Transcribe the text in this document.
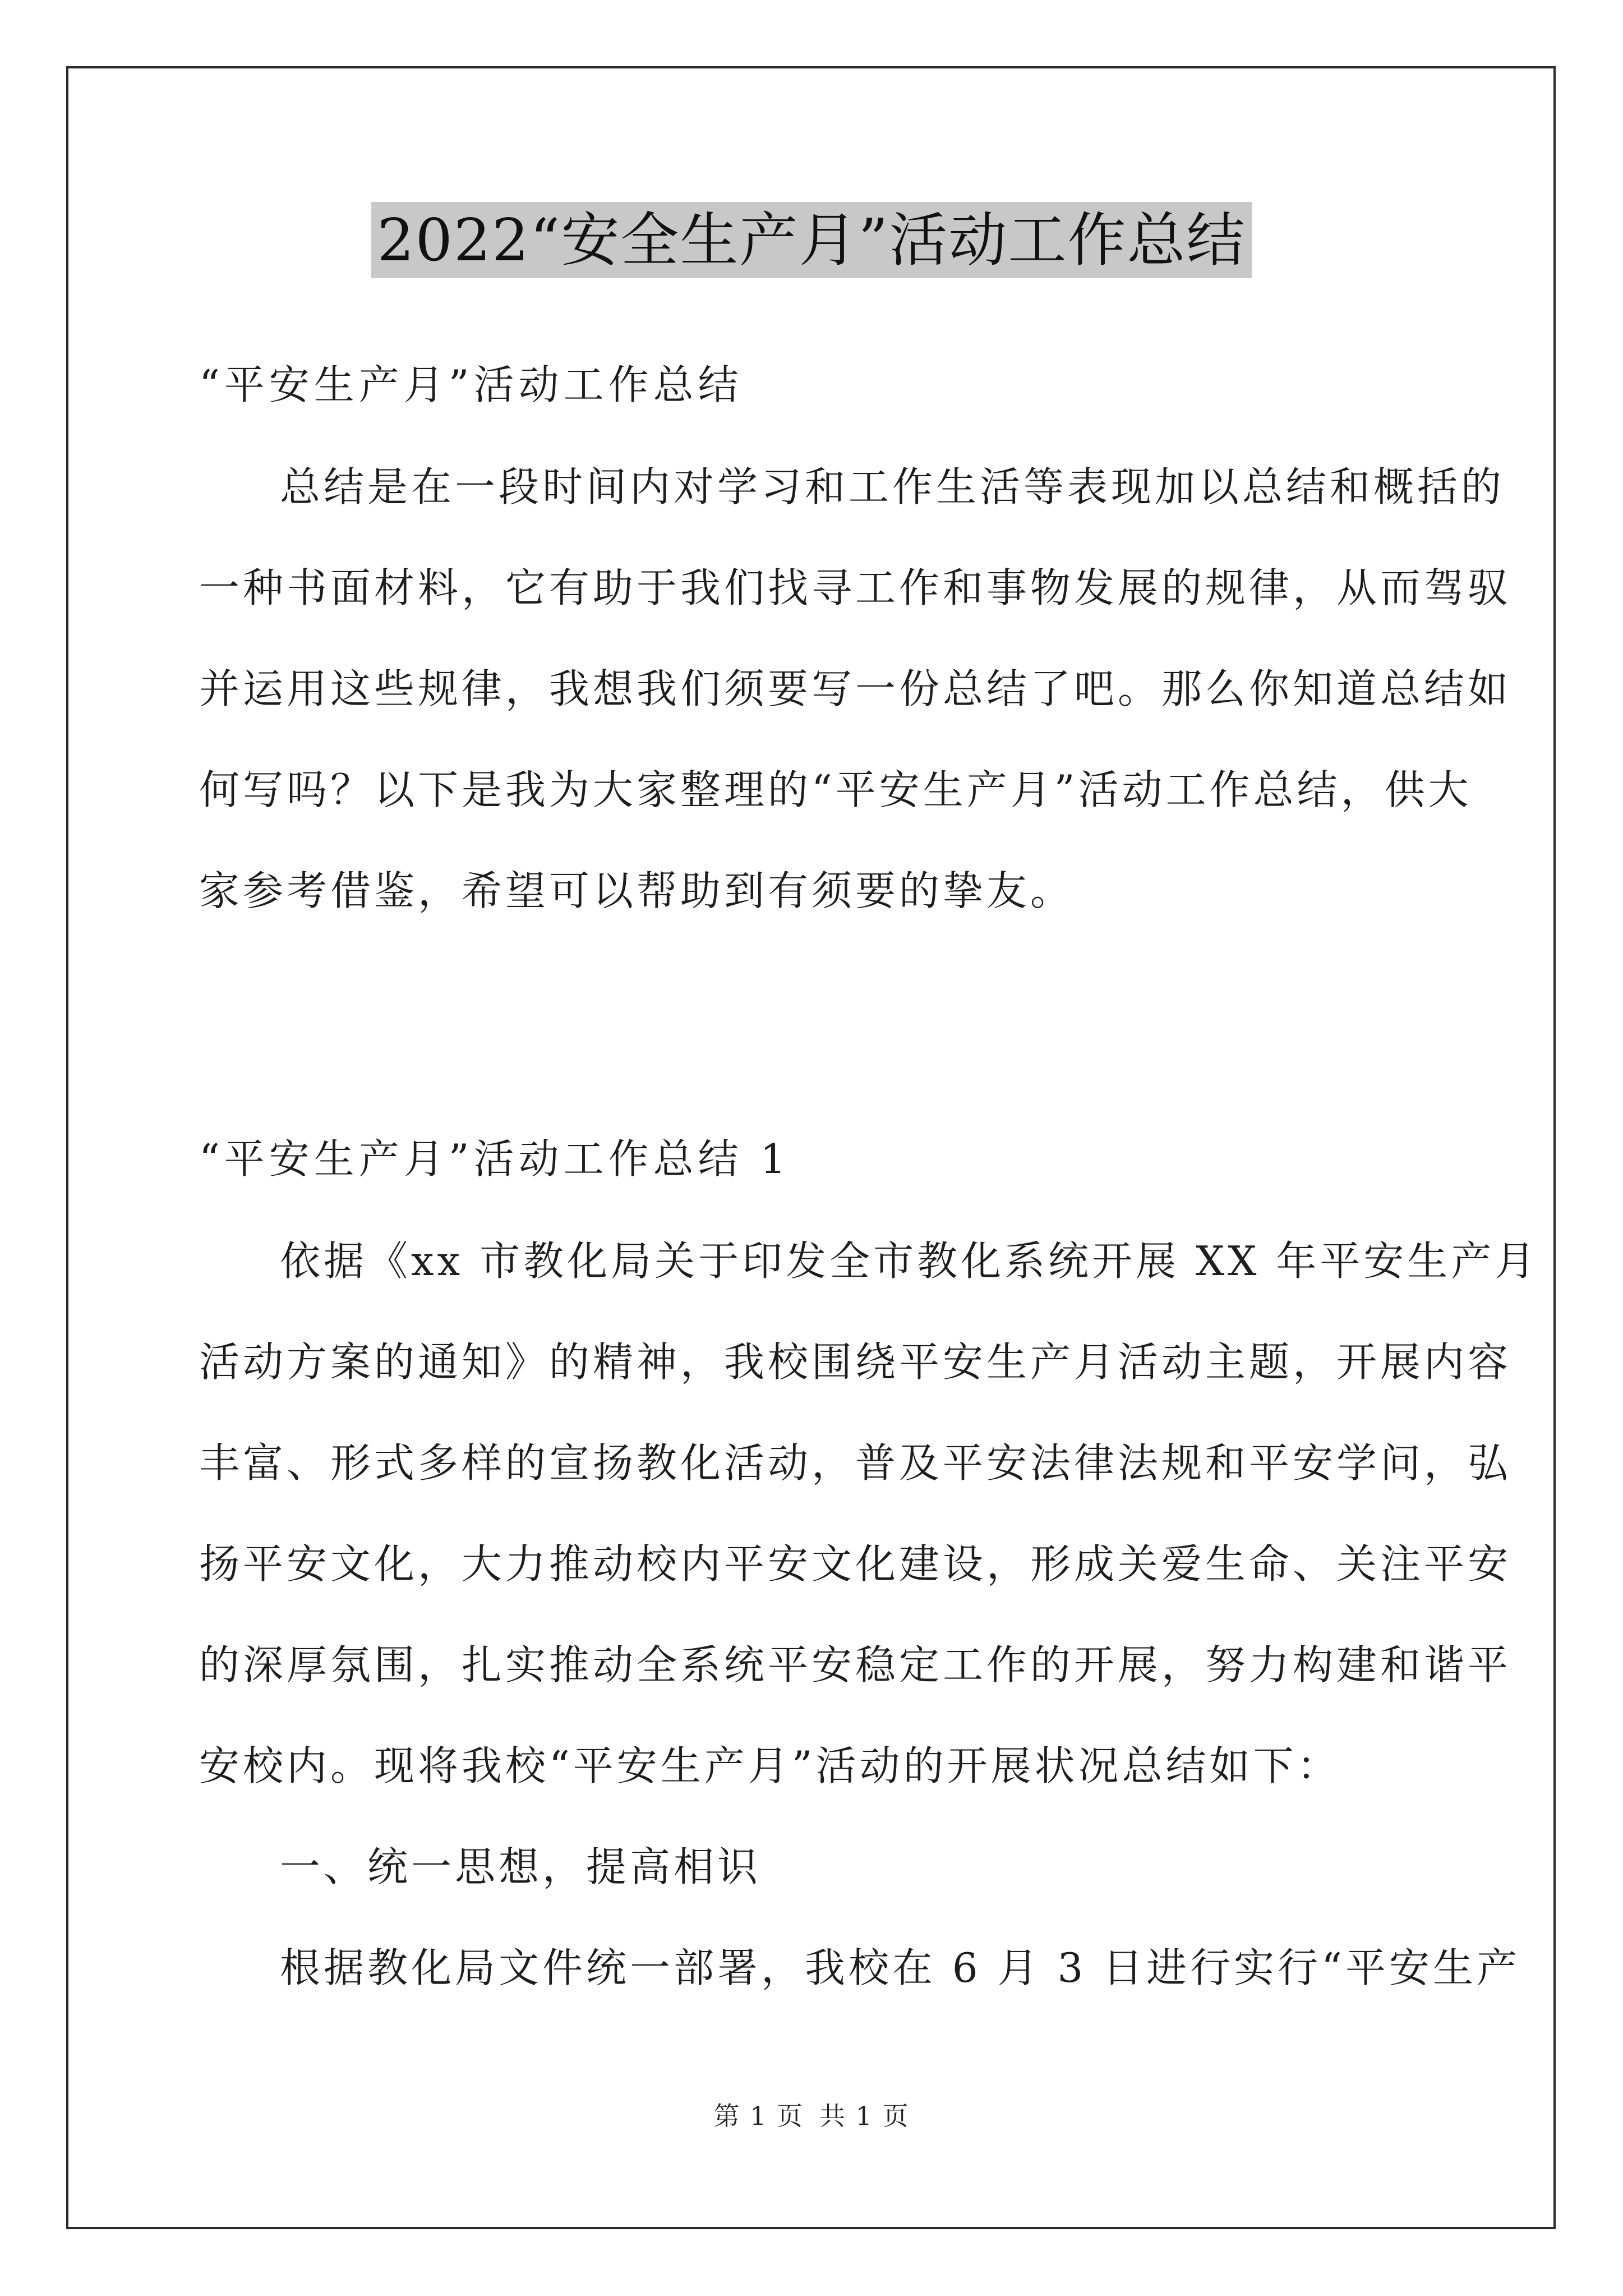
2022“安全生产月”活动工作总结
“平安生产月”活动工作总结
总结是在一段时间内对学习和工作生活等表现加以总结和概括的
一种书面材料，它有助于我们找寻工作和事物发展的规律，从而驾驭
并运用这些规律，我想我们须要写一份总结了吧。那么你知道总结如
何写吗？以下是我为大家整理的“平安生产月”活动工作总结，供大
家参考借鉴，希望可以帮助到有须要的挚友。
“平安生产月”活动工作总结 1
依据《xx 市教化局关于印发全市教化系统开展 XX 年平安生产月
活动方案的通知》的精神，我校围绕平安生产月活动主题，开展内容
丰富、形式多样的宣扬教化活动，普及平安法律法规和平安学问，弘
扬平安文化，大力推动校内平安文化建设，形成关爱生命、关注平安
的深厚氛围，扎实推动全系统平安稳定工作的开展，努力构建和谐平
安校内。现将我校“平安生产月”活动的开展状况总结如下：
一、统一思想，提高相识
根据教化局文件统一部署，我校在 6 月 3 日进行实行“平安生产
第 1 页 共 1 页
